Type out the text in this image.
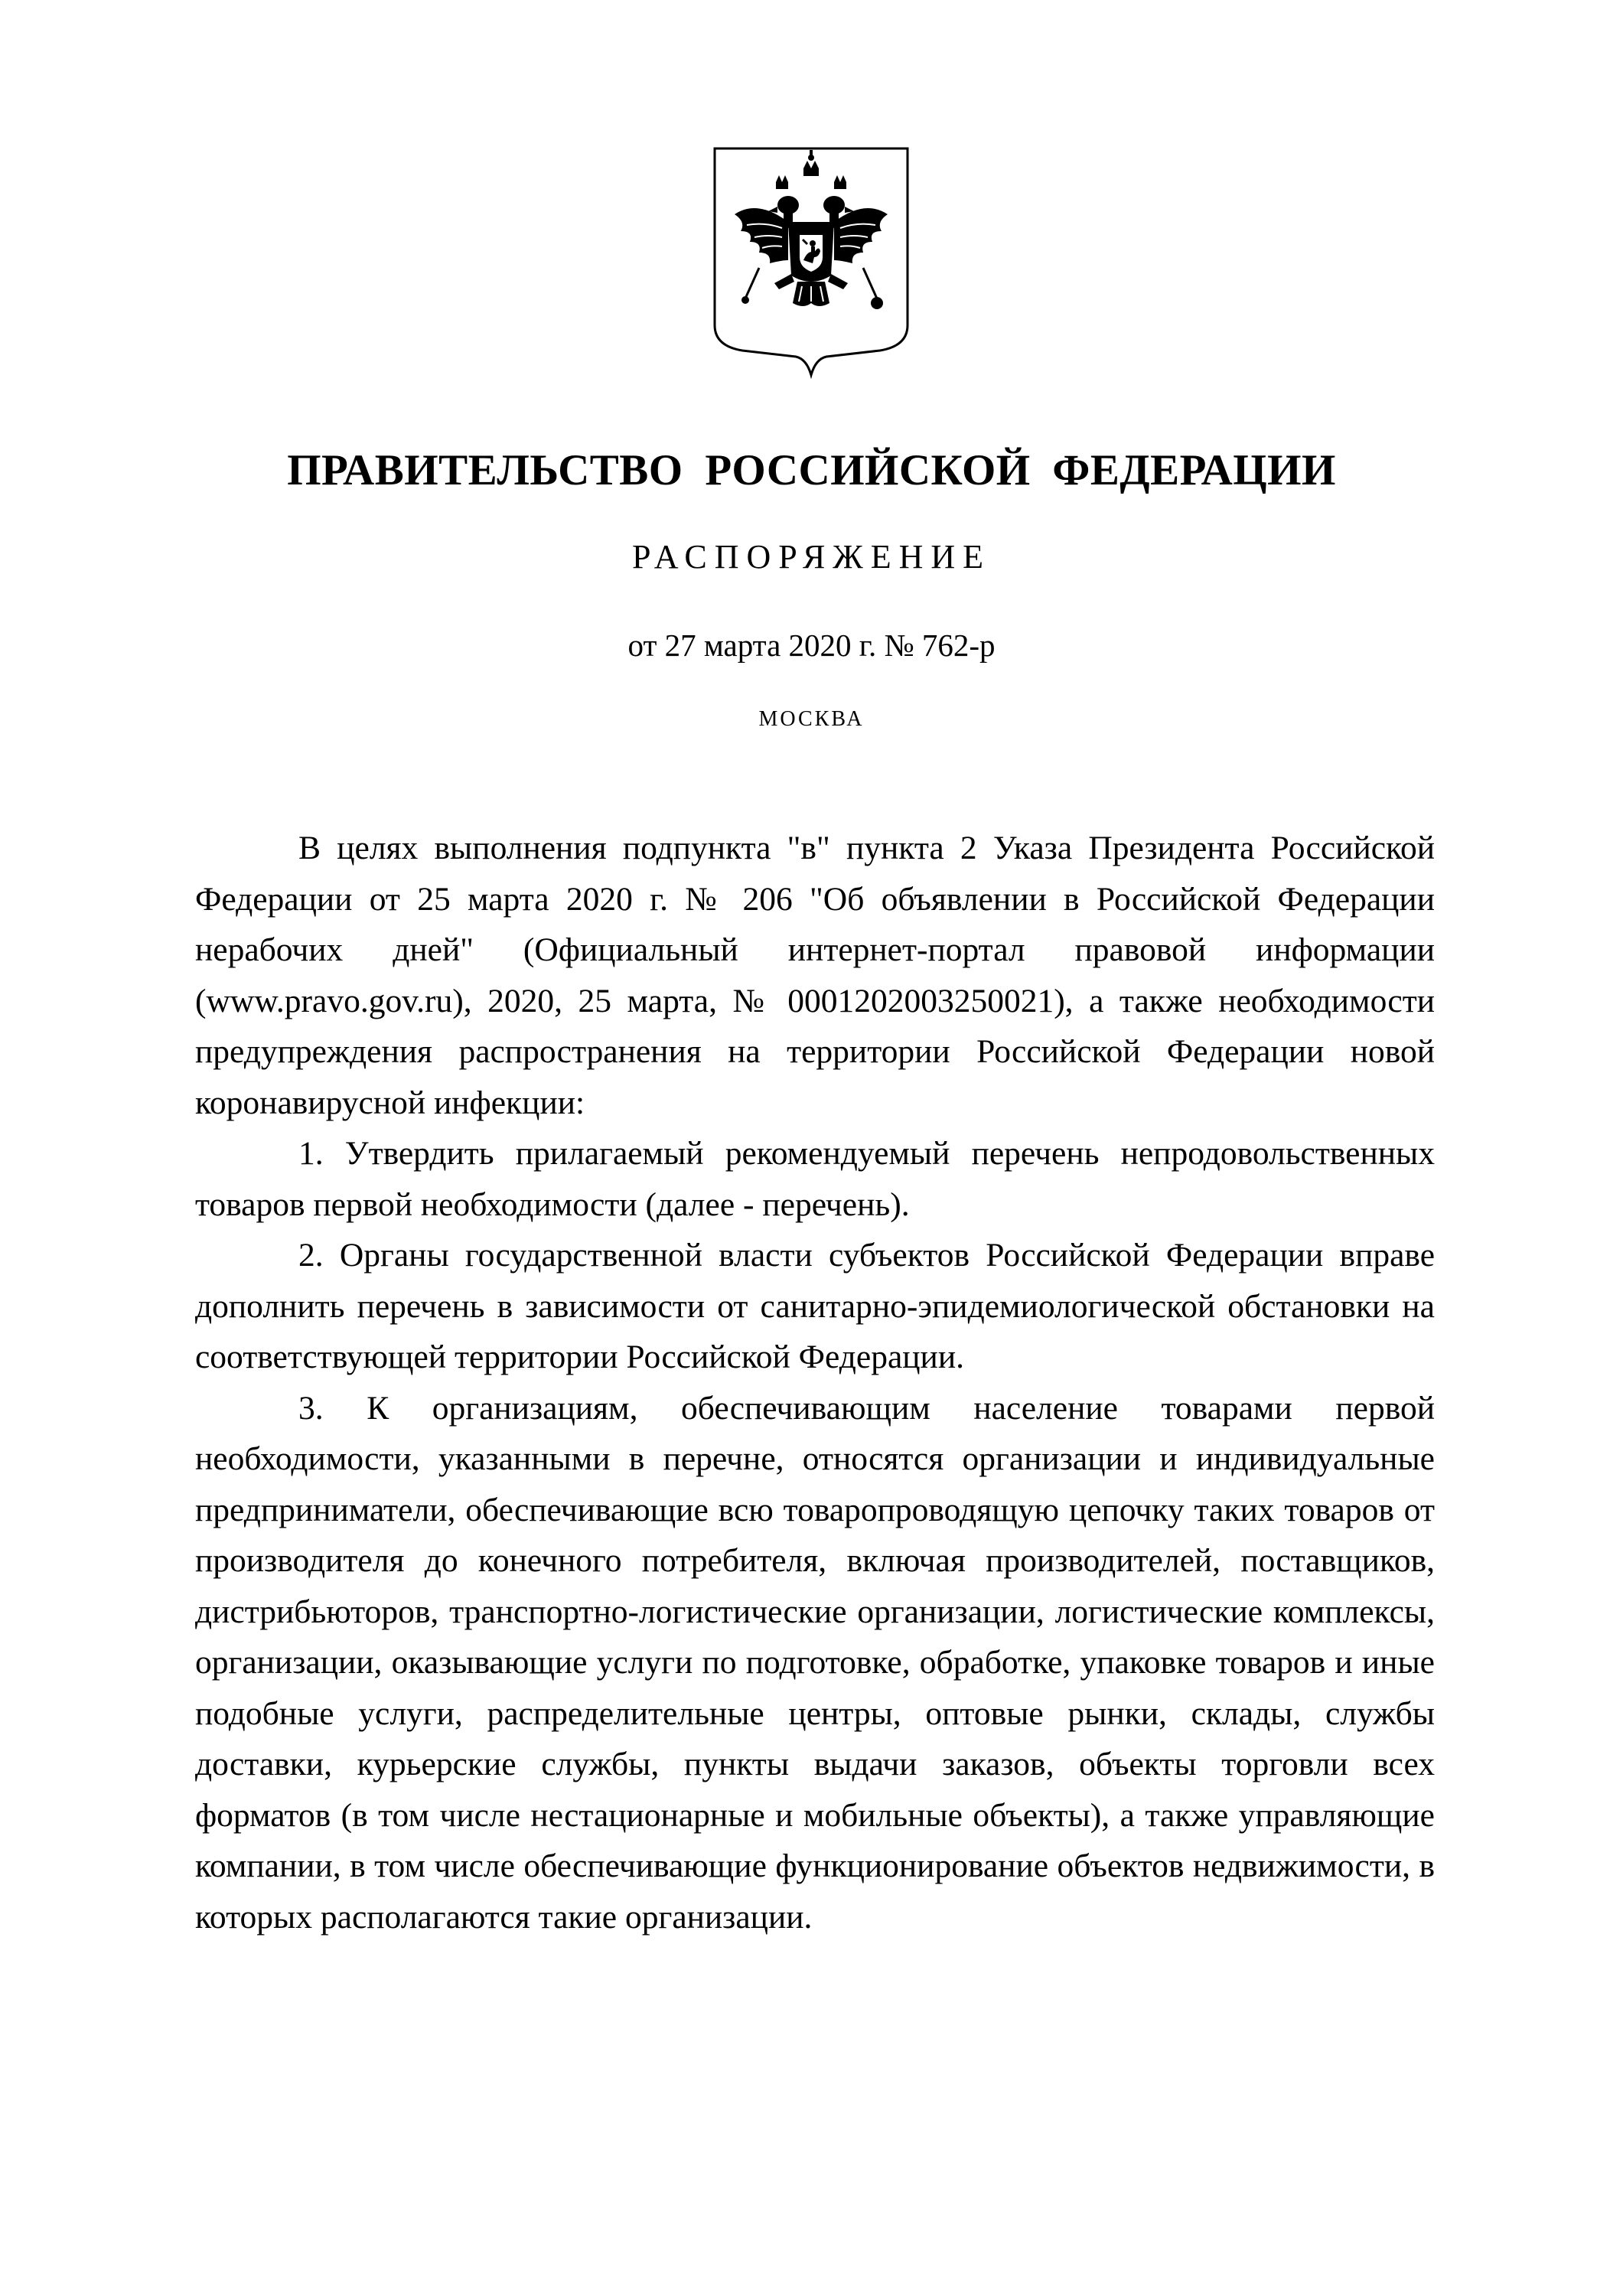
ПРАВИТЕЛЬСТВО РОССИЙСКОЙ ФЕДЕРАЦИИ
РАСПОРЯЖЕНИЕ
от 27 марта 2020 г. № 762-р
МОСКВА

В целях выполнения подпункта "в" пункта 2 Указа Президента Российской Федерации от 25 марта 2020 г. № 206 "Об объявлении в Российской Федерации нерабочих дней" (Официальный интернет-портал правовой информации (www.pravo.gov.ru), 2020, 25 марта, № 0001202003250021), а также необходимости предупреждения распространения на территории Российской Федерации новой коронавирусной инфекции:

1. Утвердить прилагаемый рекомендуемый перечень непродовольственных товаров первой необходимости (далее - перечень).

2. Органы государственной власти субъектов Российской Федерации вправе дополнить перечень в зависимости от санитарно-эпидемиологической обстановки на соответствующей территории Российской Федерации.

3. К организациям, обеспечивающим население товарами первой необходимости, указанными в перечне, относятся организации и индивидуальные предприниматели, обеспечивающие всю товаропроводящую цепочку таких товаров от производителя до конечного потребителя, включая производителей, поставщиков, дистрибьюторов, транспортно-логистические организации, логистические комплексы, организации, оказывающие услуги по подготовке, обработке, упаковке товаров и иные подобные услуги, распределительные центры, оптовые рынки, склады, службы доставки, курьерские службы, пункты выдачи заказов, объекты торговли всех форматов (в том числе нестационарные и мобильные объекты), а также управляющие компании, в том числе обеспечивающие функционирование объектов недвижимости, в которых располагаются такие организации.
